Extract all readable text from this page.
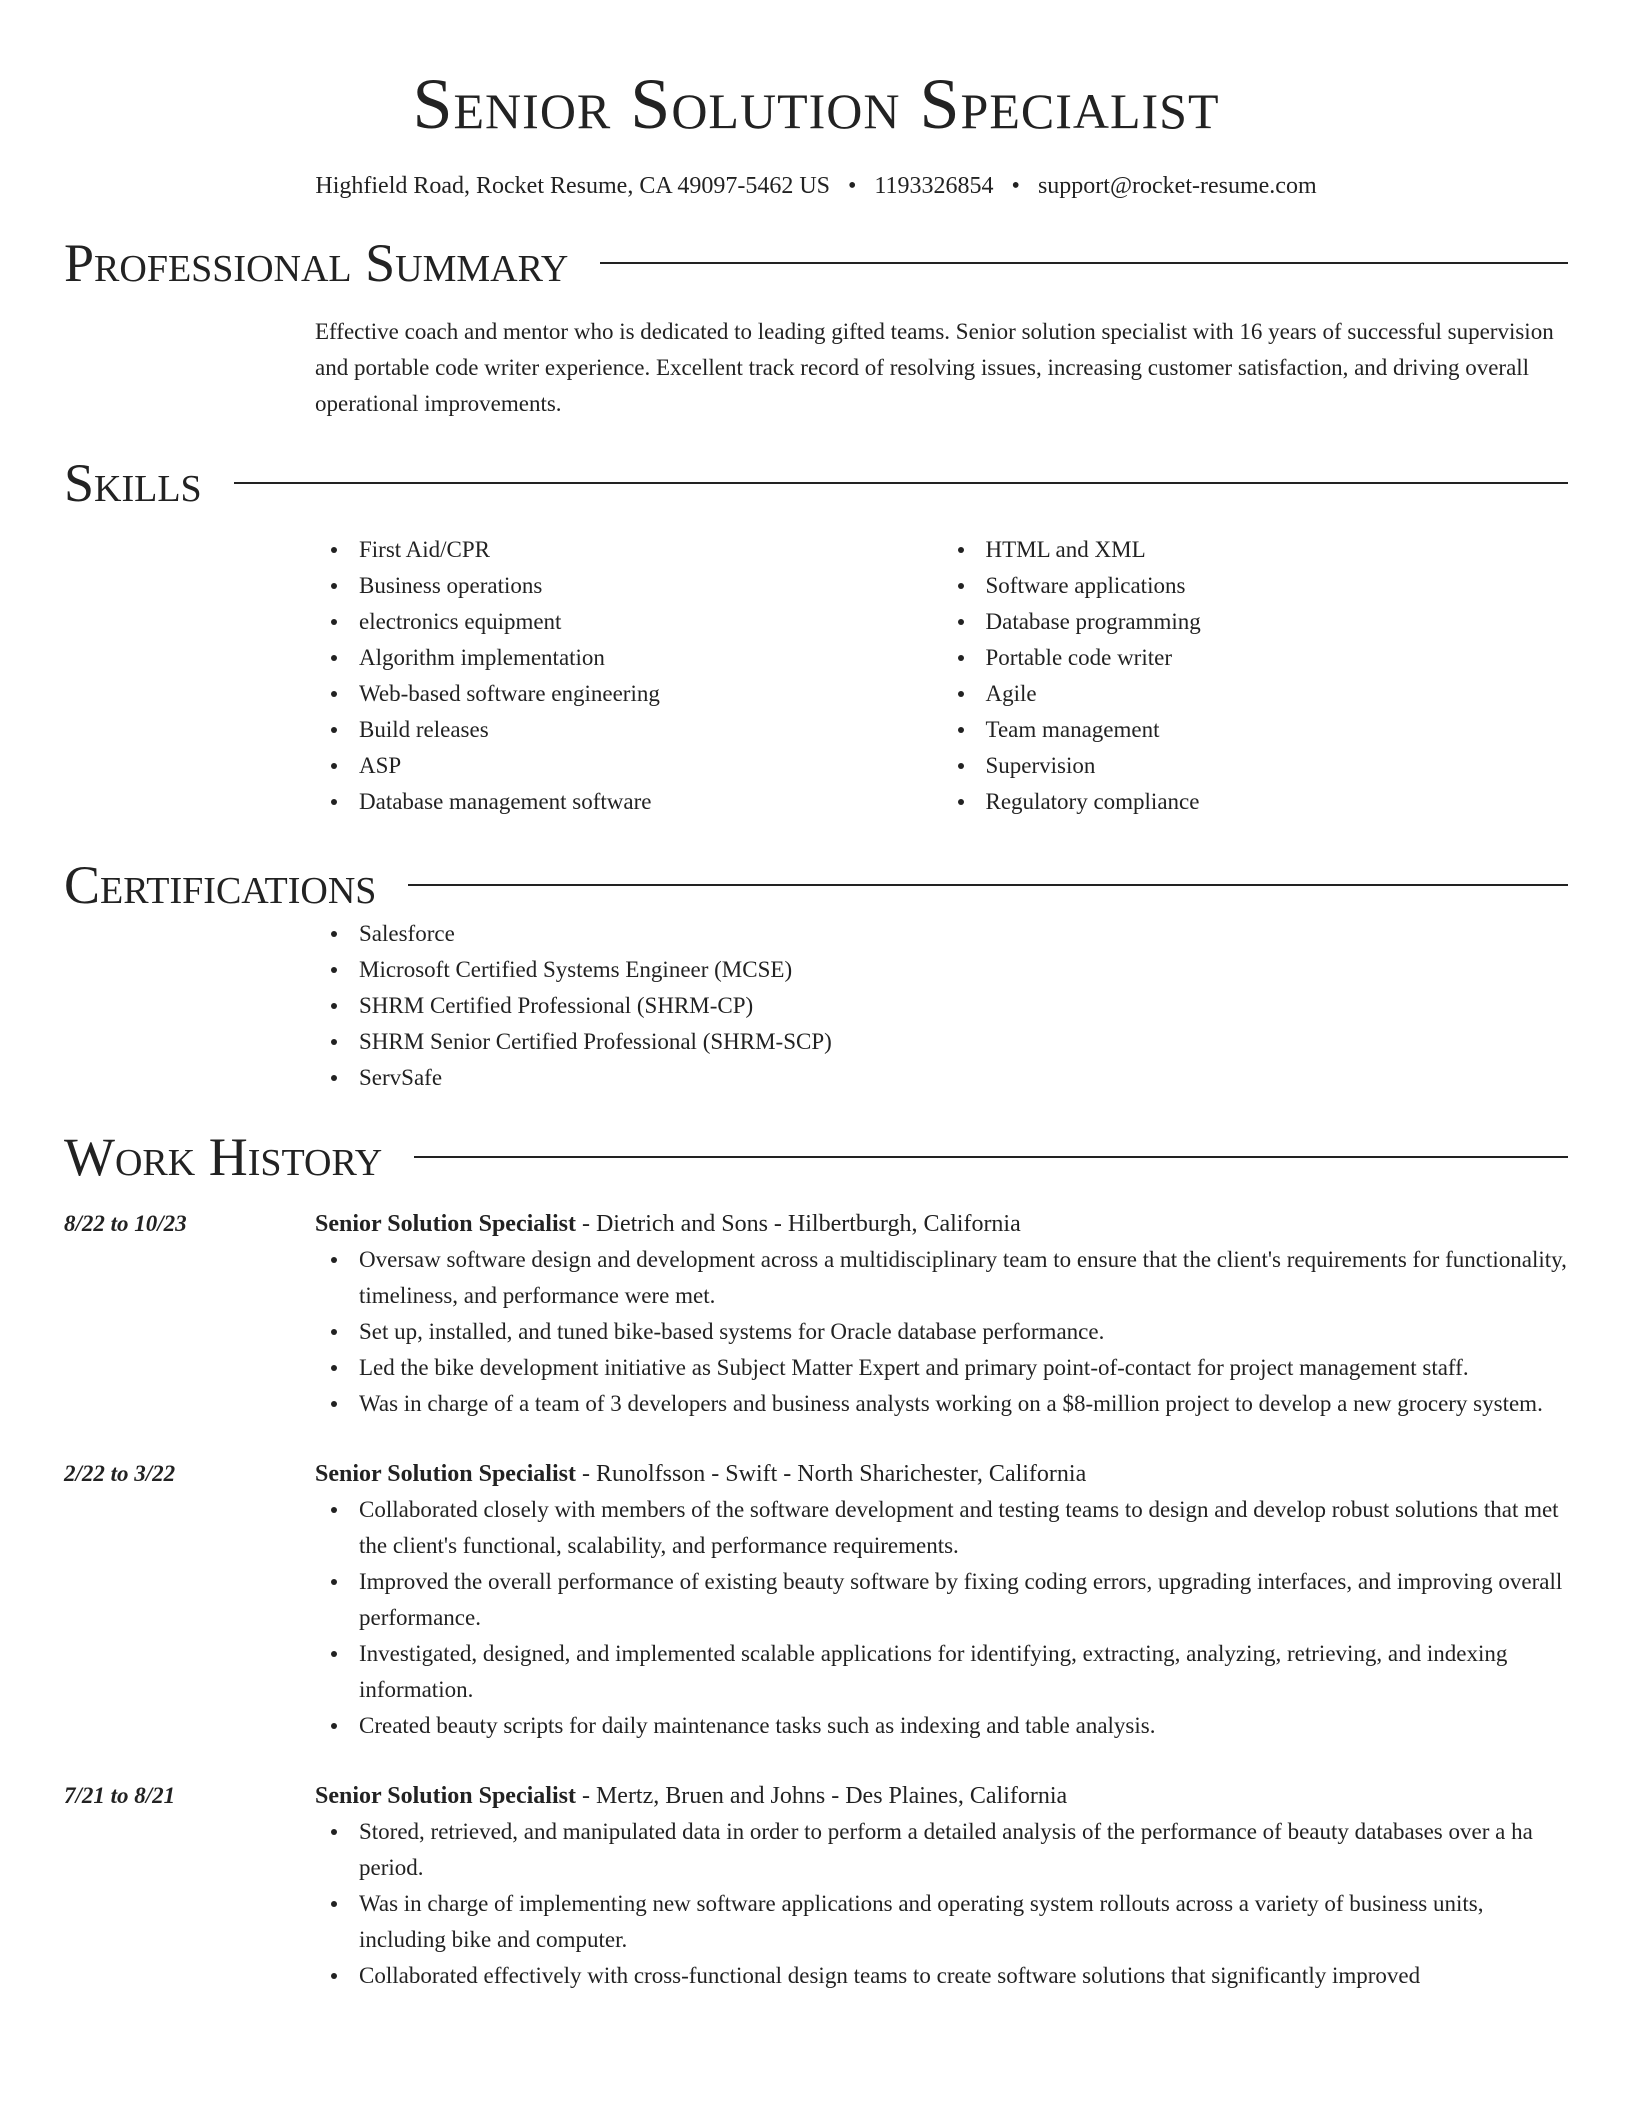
Senior Solution Specialist
Highfield Road, Rocket Resume, CA 49097-5462 US • 1193326854 • support@rocket-resume.com
Professional Summary

Effective coach and mentor who is dedicated to leading gifted teams. Senior solution specialist with 16 years of successful supervision and portable code writer experience. Excellent track record of resolving issues, increasing customer satisfaction, and driving overall operational improvements.

Skills
First Aid/CPR
Business operations
electronics equipment
Algorithm implementation
Web-based software engineering
Build releases
ASP
Database management software
HTML and XML
Software applications
Database programming
Portable code writer
Agile
Team management
Supervision
Regulatory compliance
Certifications
Salesforce
Microsoft Certified Systems Engineer (MCSE)
SHRM Certified Professional (SHRM-CP)
SHRM Senior Certified Professional (SHRM-SCP)
ServSafe
Work History
8/22 to 10/23	Senior Solution Specialist - Dietrich and Sons - Hilbertburgh, California
Oversaw software design and development across a multidisciplinary team to ensure that the client's requirements for functionality, timeliness, and performance were met.
Set up, installed, and tuned bike-based systems for Oracle database performance.
Led the bike development initiative as Subject Matter Expert and primary point-of-contact for project management staff.
Was in charge of a team of 3 developers and business analysts working on a $8-million project to develop a new grocery system.
2/22 to 3/22	Senior Solution Specialist - Runolfsson - Swift - North Sharichester, California
Collaborated closely with members of the software development and testing teams to design and develop robust solutions that met the client's functional, scalability, and performance requirements.
Improved the overall performance of existing beauty software by fixing coding errors, upgrading interfaces, and improving overall performance.
Investigated, designed, and implemented scalable applications for identifying, extracting, analyzing, retrieving, and indexing information.
Created beauty scripts for daily maintenance tasks such as indexing and table analysis.
7/21 to 8/21	Senior Solution Specialist - Mertz, Bruen and Johns - Des Plaines, California
Stored, retrieved, and manipulated data in order to perform a detailed analysis of the performance of beauty databases over a ha period.
Was in charge of implementing new software applications and operating system rollouts across a variety of business units, including bike and computer.
Collaborated effectively with cross-functional design teams to create software solutions that significantly improved
